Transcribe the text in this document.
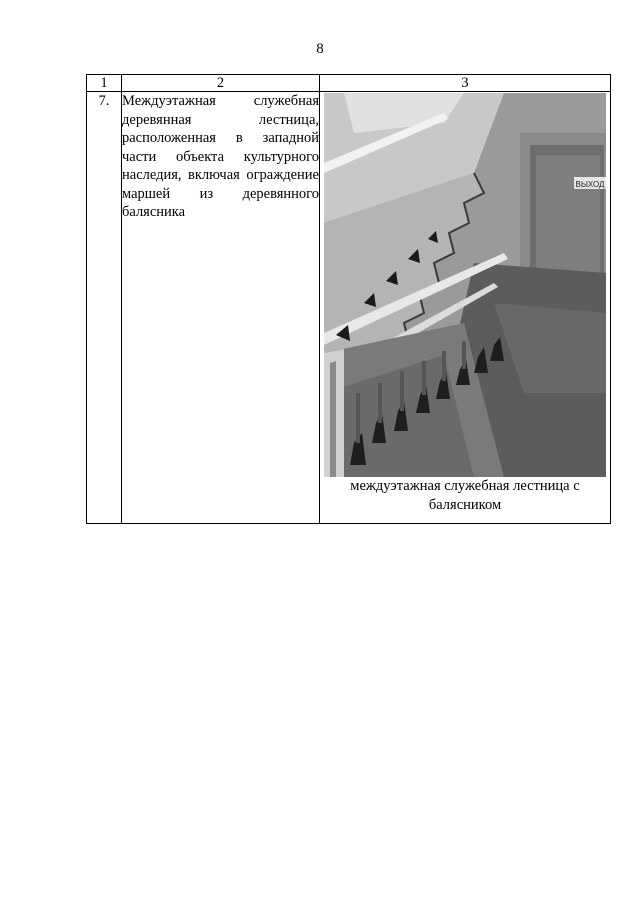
8
1	2	3
7.	Междуэтажная служебная деревянная лестница, расположенная в западной части объекта культурного наследия, включая ограждение маршей из деревянного балясника	ВЫХОД
междуэтажная служебная лестница с балясником
